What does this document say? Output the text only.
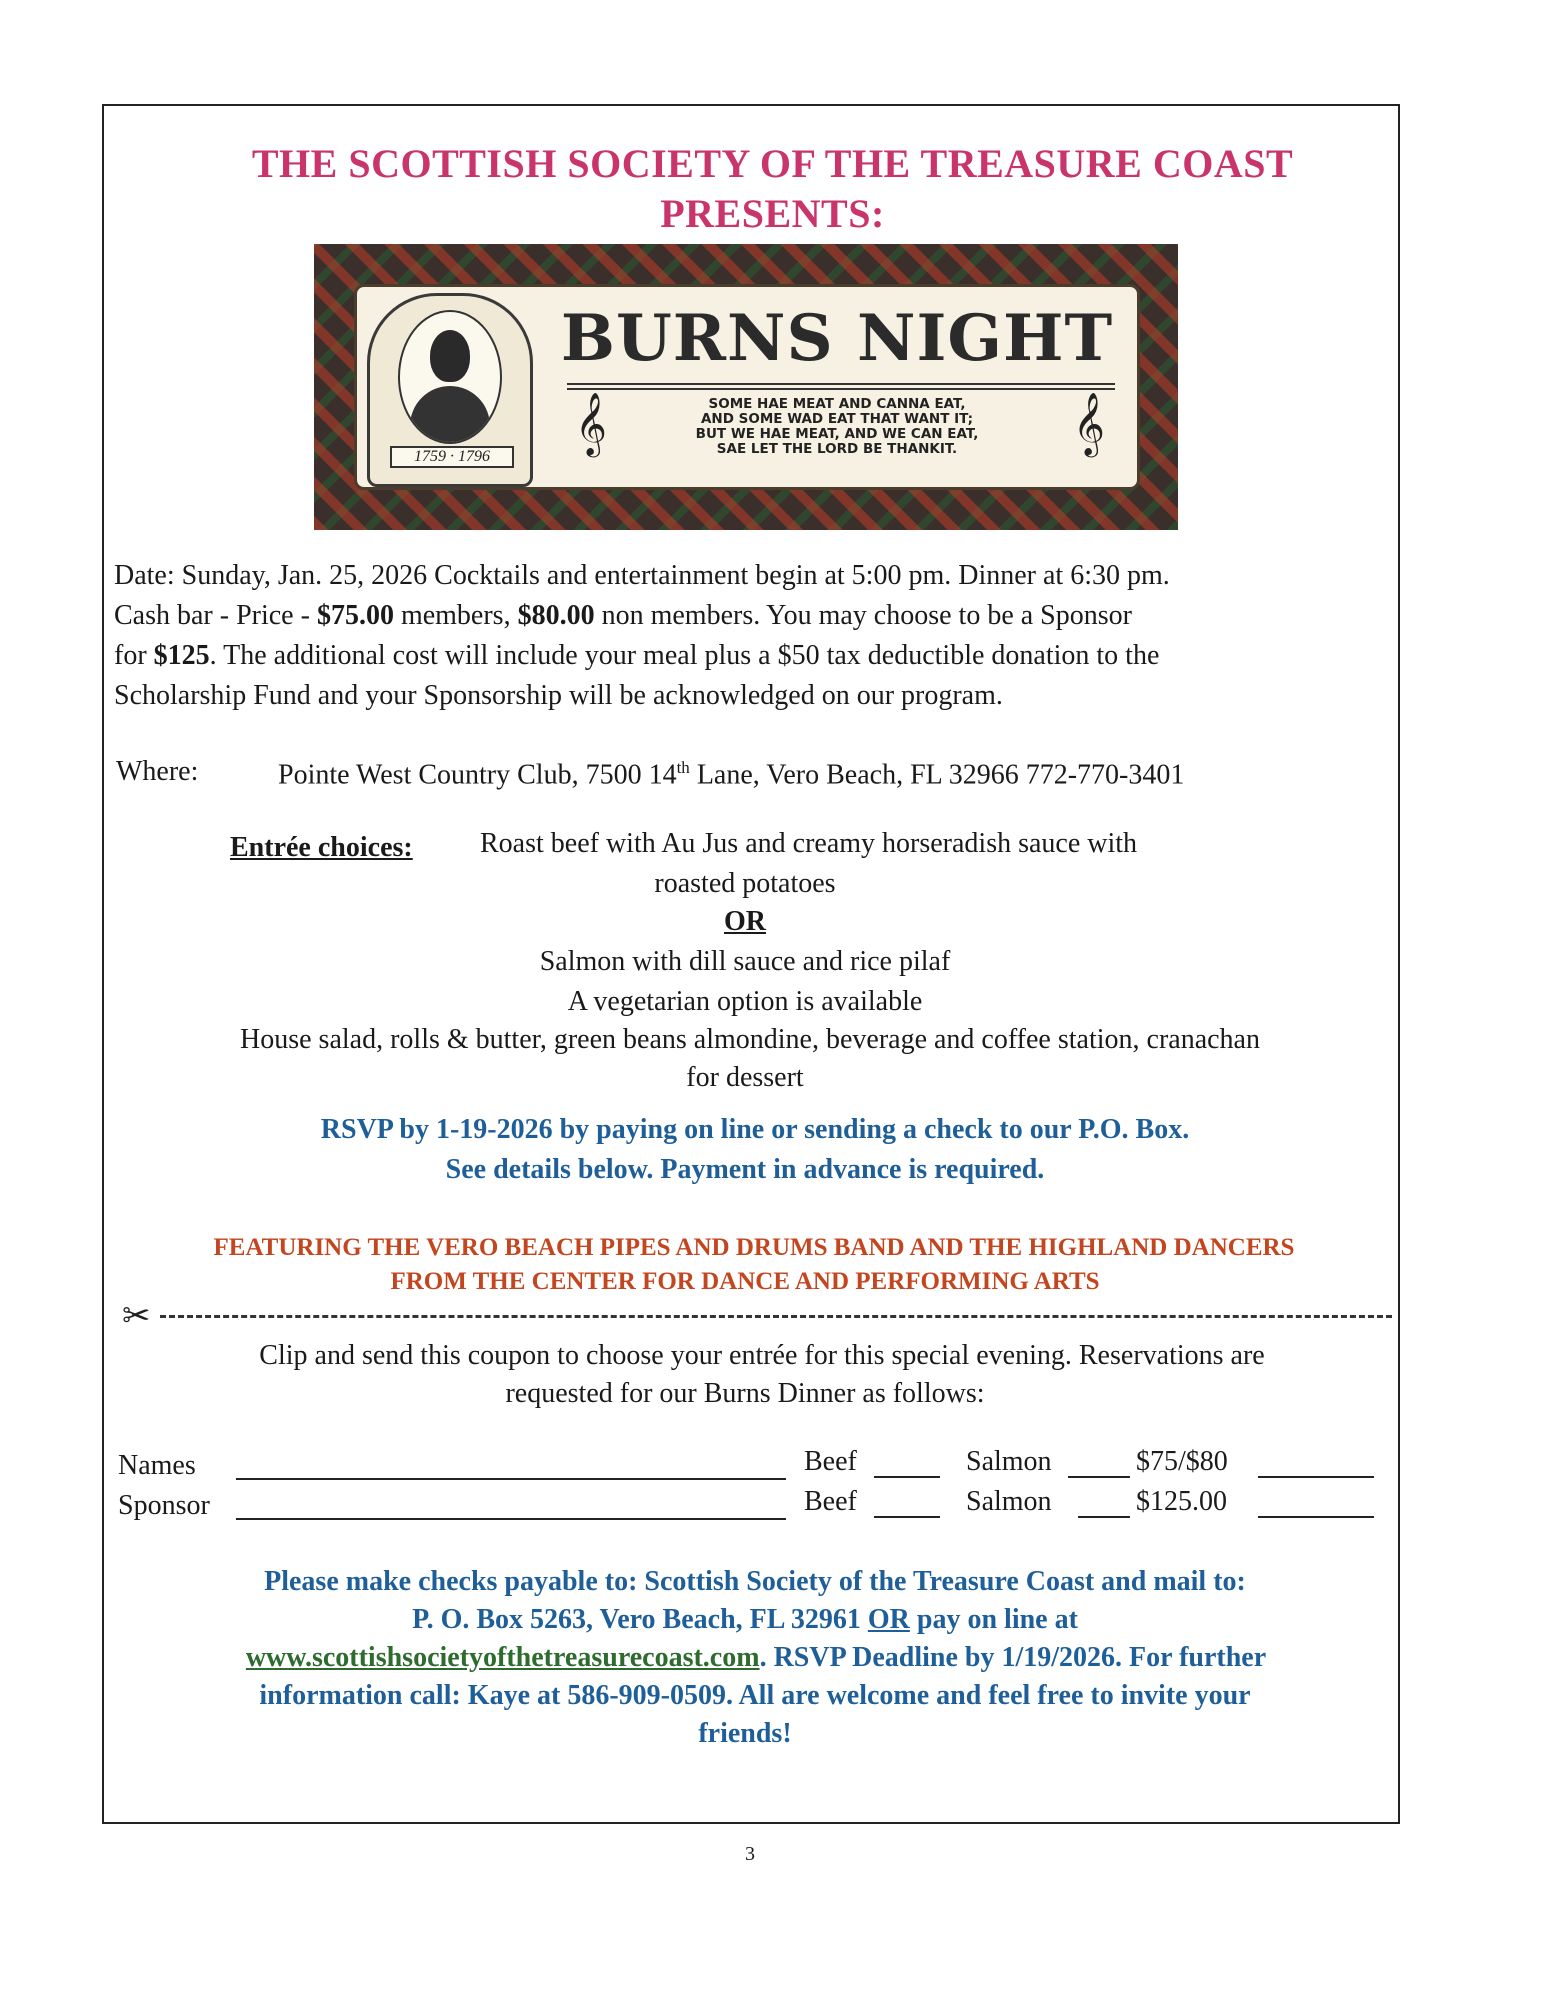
THE SCOTTISH SOCIETY OF THE TREASURE COAST
PRESENTS:
1759 · 1796
BURNS NIGHT
𝄞	𝄞
SOME HAE MEAT AND CANNA EAT,
AND SOME WAD EAT THAT WANT IT;
BUT WE HAE MEAT, AND WE CAN EAT,
SAE LET THE LORD BE THANKIT.
Date: Sunday, Jan. 25, 2026 Cocktails and entertainment begin at 5:00 pm. Dinner at 6:30 pm.
Cash bar - Price - $75.00 members, $80.00 non members. You may choose to be a Sponsor
for $125. The additional cost will include your meal plus a $50 tax deductible donation to the
Scholarship Fund and your Sponsorship will be acknowledged on our program.
Where:	Pointe West Country Club, 7500 14th Lane, Vero Beach, FL 32966 772-770-3401
Entrée choices: Roast beef with Au Jus and creamy horseradish sauce with
roasted potatoes
OR
Salmon with dill sauce and rice pilaf
A vegetarian option is available
House salad, rolls & butter, green beans almondine, beverage and coffee station, cranachan
for dessert
RSVP by 1-19-2026 by paying on line or sending a check to our P.O. Box.
See details below. Payment in advance is required.
FEATURING THE VERO BEACH PIPES AND DRUMS BAND AND THE HIGHLAND DANCERS
FROM THE CENTER FOR DANCE AND PERFORMING ARTS
✂
Clip and send this coupon to choose your entrée for this special evening. Reservations are
requested for our Burns Dinner as follows:
Names	Beef	Salmon	$75/$80
Sponsor	Beef	Salmon	$125.00
Please make checks payable to: Scottish Society of the Treasure Coast and mail to:
P. O. Box 5263, Vero Beach, FL 32961 OR pay on line at
www.scottishsocietyofthetreasurecoast.com. RSVP Deadline by 1/19/2026. For further
information call: Kaye at 586-909-0509. All are welcome and feel free to invite your
friends!
3
